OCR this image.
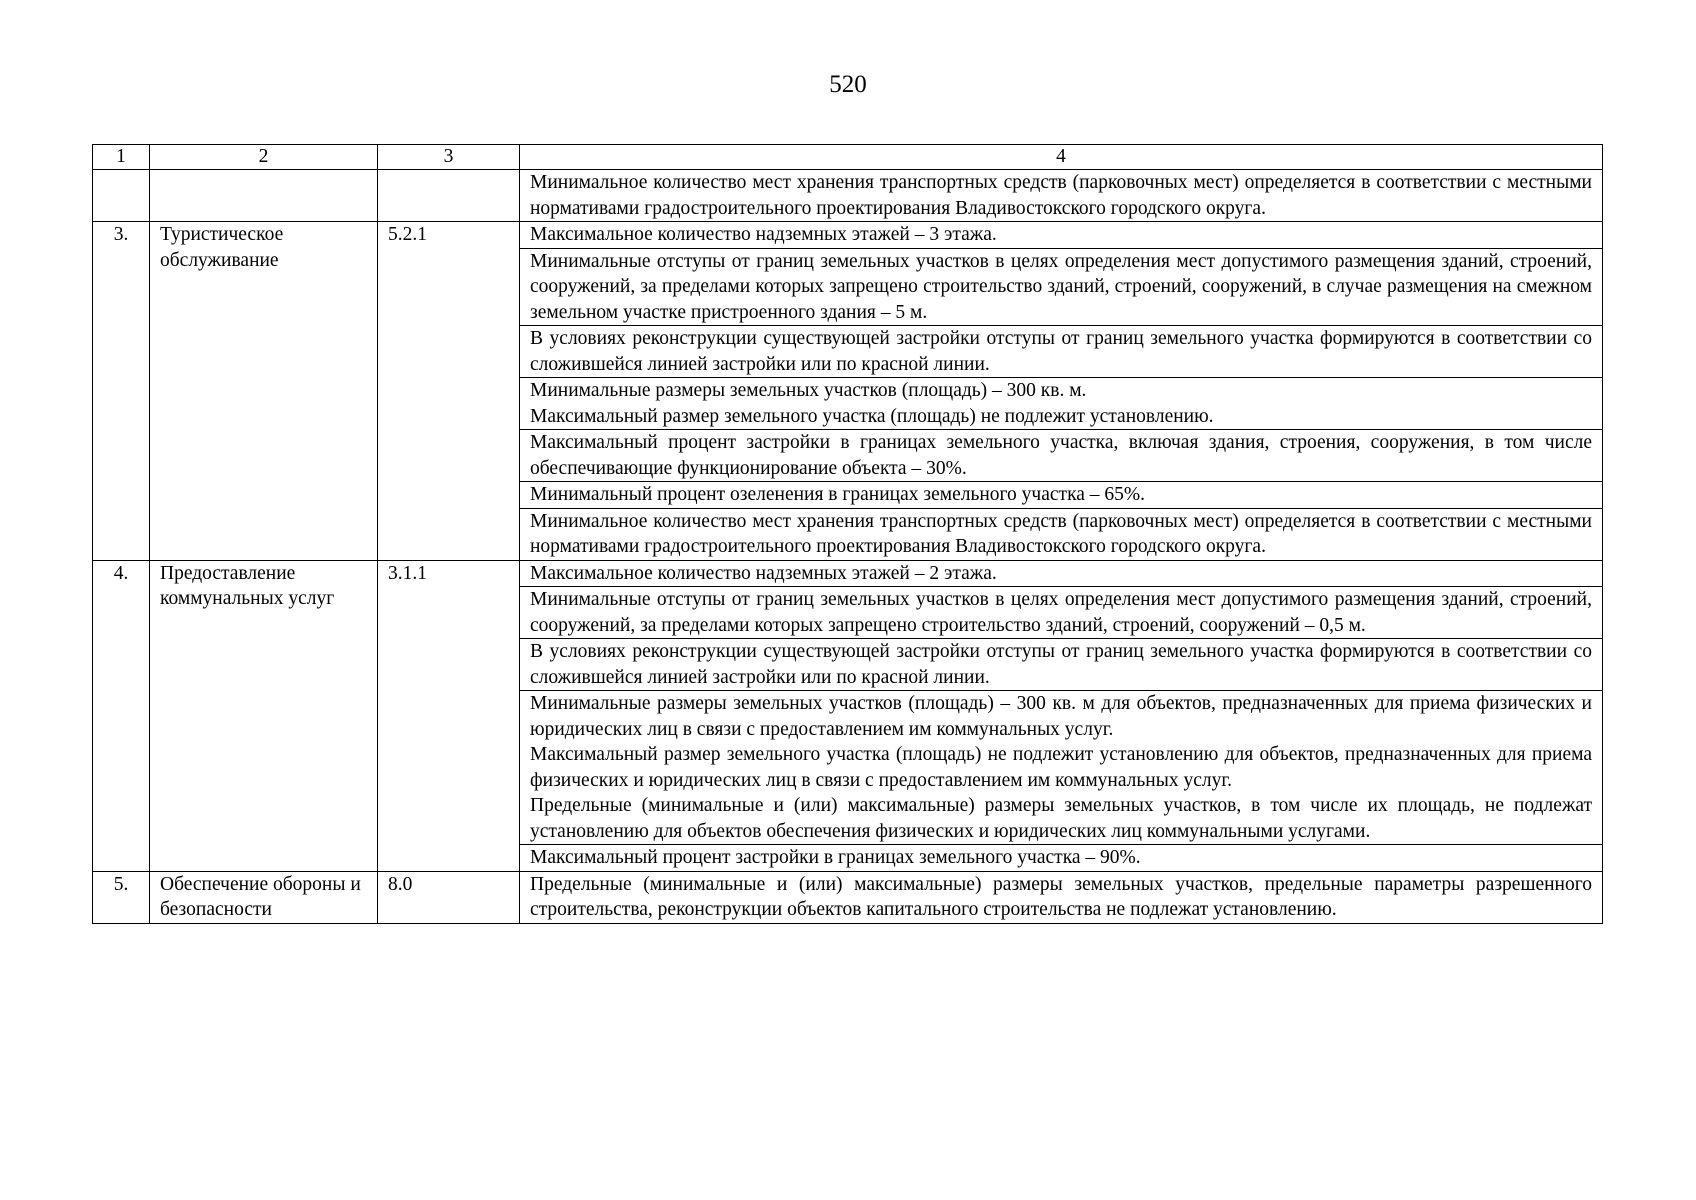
520
1	2	3	4
			Минимальное количество мест хранения транспортных средств (парковочных мест) определяется в соответствии с местными нормативами градостроительного проектирования Владивостокского городского округа.
3.	Туристическое обслуживание	5.2.1	Максимальное количество надземных этажей – 3 этажа.

			Минимальные отступы от границ земельных участков в целях определения мест допустимого размещения зданий, строений, сооружений, за пределами которых запрещено строительство зданий, строений, сооружений, в случае размещения на смежном земельном участке пристроенного здания – 5 м.

			В условиях реконструкции существующей застройки отступы от границ земельного участка формируются в соответствии со сложившейся линией застройки или по красной линии.

			Минимальные размеры земельных участков (площадь) – 300 кв. м.
Максимальный размер земельного участка (площадь) не подлежит установлению.

			Максимальный процент застройки в границах земельного участка, включая здания, строения, сооружения, в том числе обеспечивающие функционирование объекта – 30%.

			Минимальный процент озеленения в границах земельного участка – 65%.

			Минимальное количество мест хранения транспортных средств (парковочных мест) определяется в соответствии с местными нормативами градостроительного проектирования Владивостокского городского округа.

4.	Предоставление коммунальных услуг	3.1.1	Максимальное количество надземных этажей – 2 этажа.

			Минимальные отступы от границ земельных участков в целях определения мест допустимого размещения зданий, строений, сооружений, за пределами которых запрещено строительство зданий, строений, сооружений – 0,5 м.

			В условиях реконструкции существующей застройки отступы от границ земельного участка формируются в соответствии со сложившейся линией застройки или по красной линии.

			Минимальные размеры земельных участков (площадь) – 300 кв. м для объектов, предназначенных для приема физических и юридических лиц в связи с предоставлением им коммунальных услуг.
Максимальный размер земельного участка (площадь) не подлежит установлению для объектов, предназначенных для приема физических и юридических лиц в связи с предоставлением им коммунальных услуг.
Предельные (минимальные и (или) максимальные) размеры земельных участков, в том числе их площадь, не подлежат установлению для объектов обеспечения физических и юридических лиц коммунальными услугами.

			Максимальный процент застройки в границах земельного участка – 90%.

5.	Обеспечение обороны и безопасности	8.0	Предельные (минимальные и (или) максимальные) размеры земельных участков, предельные параметры разрешенного строительства, реконструкции объектов капитального строительства не подлежат установлению.
